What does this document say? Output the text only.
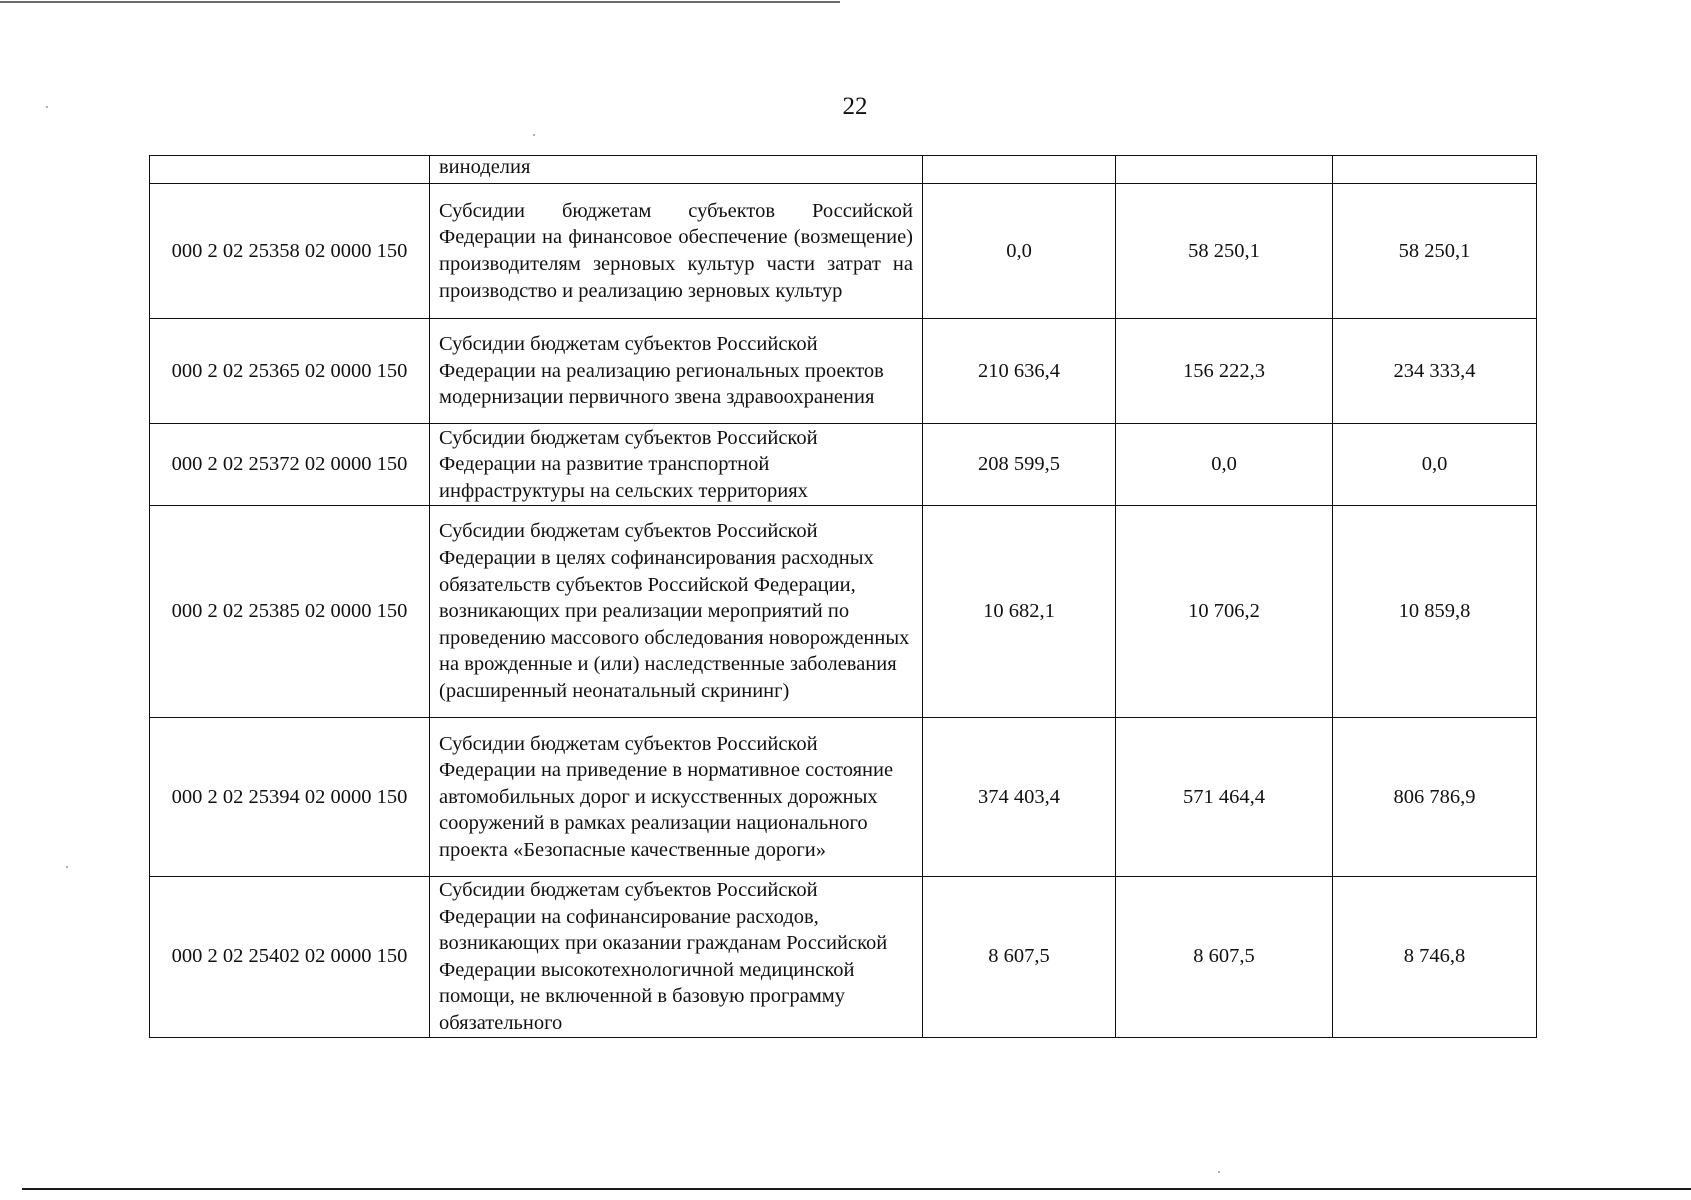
22
	виноделия			
000 2 02 25358 02 0000 150	Субсидии бюджетам субъектов Российской Федерации на финансовое обеспечение (возмещение) производителям зерновых культур части затрат на производство и реализацию зерновых культур	0,0	58 250,1	58 250,1
000 2 02 25365 02 0000 150	Субсидии бюджетам субъектов Российской Федерации на реализацию региональных проектов модернизации первичного звена здравоохранения	210 636,4	156 222,3	234 333,4
000 2 02 25372 02 0000 150	Субсидии бюджетам субъектов Российской Федерации на развитие транспортной инфраструктуры на сельских территориях	208 599,5	0,0	0,0
000 2 02 25385 02 0000 150	Субсидии бюджетам субъектов Российской Федерации в целях софинансирования расходных обязательств субъектов Российской Федерации, возникающих при реализации мероприятий по проведению массового обследования новорожденных на врожденные и (или) наследственные заболевания (расширенный неонатальный скрининг)	10 682,1	10 706,2	10 859,8
000 2 02 25394 02 0000 150	Субсидии бюджетам субъектов Российской Федерации на приведение в нормативное состояние автомобильных дорог и искусственных дорожных сооружений в рамках реализации национального проекта «Безопасные качественные дороги»	374 403,4	571 464,4	806 786,9
000 2 02 25402 02 0000 150	Субсидии бюджетам субъектов Российской Федерации на софинансирование расходов, возникающих при оказании гражданам Российской Федерации высокотехнологичной медицинской помощи, не включенной в базовую программу обязательного	8 607,5	8 607,5	8 746,8
